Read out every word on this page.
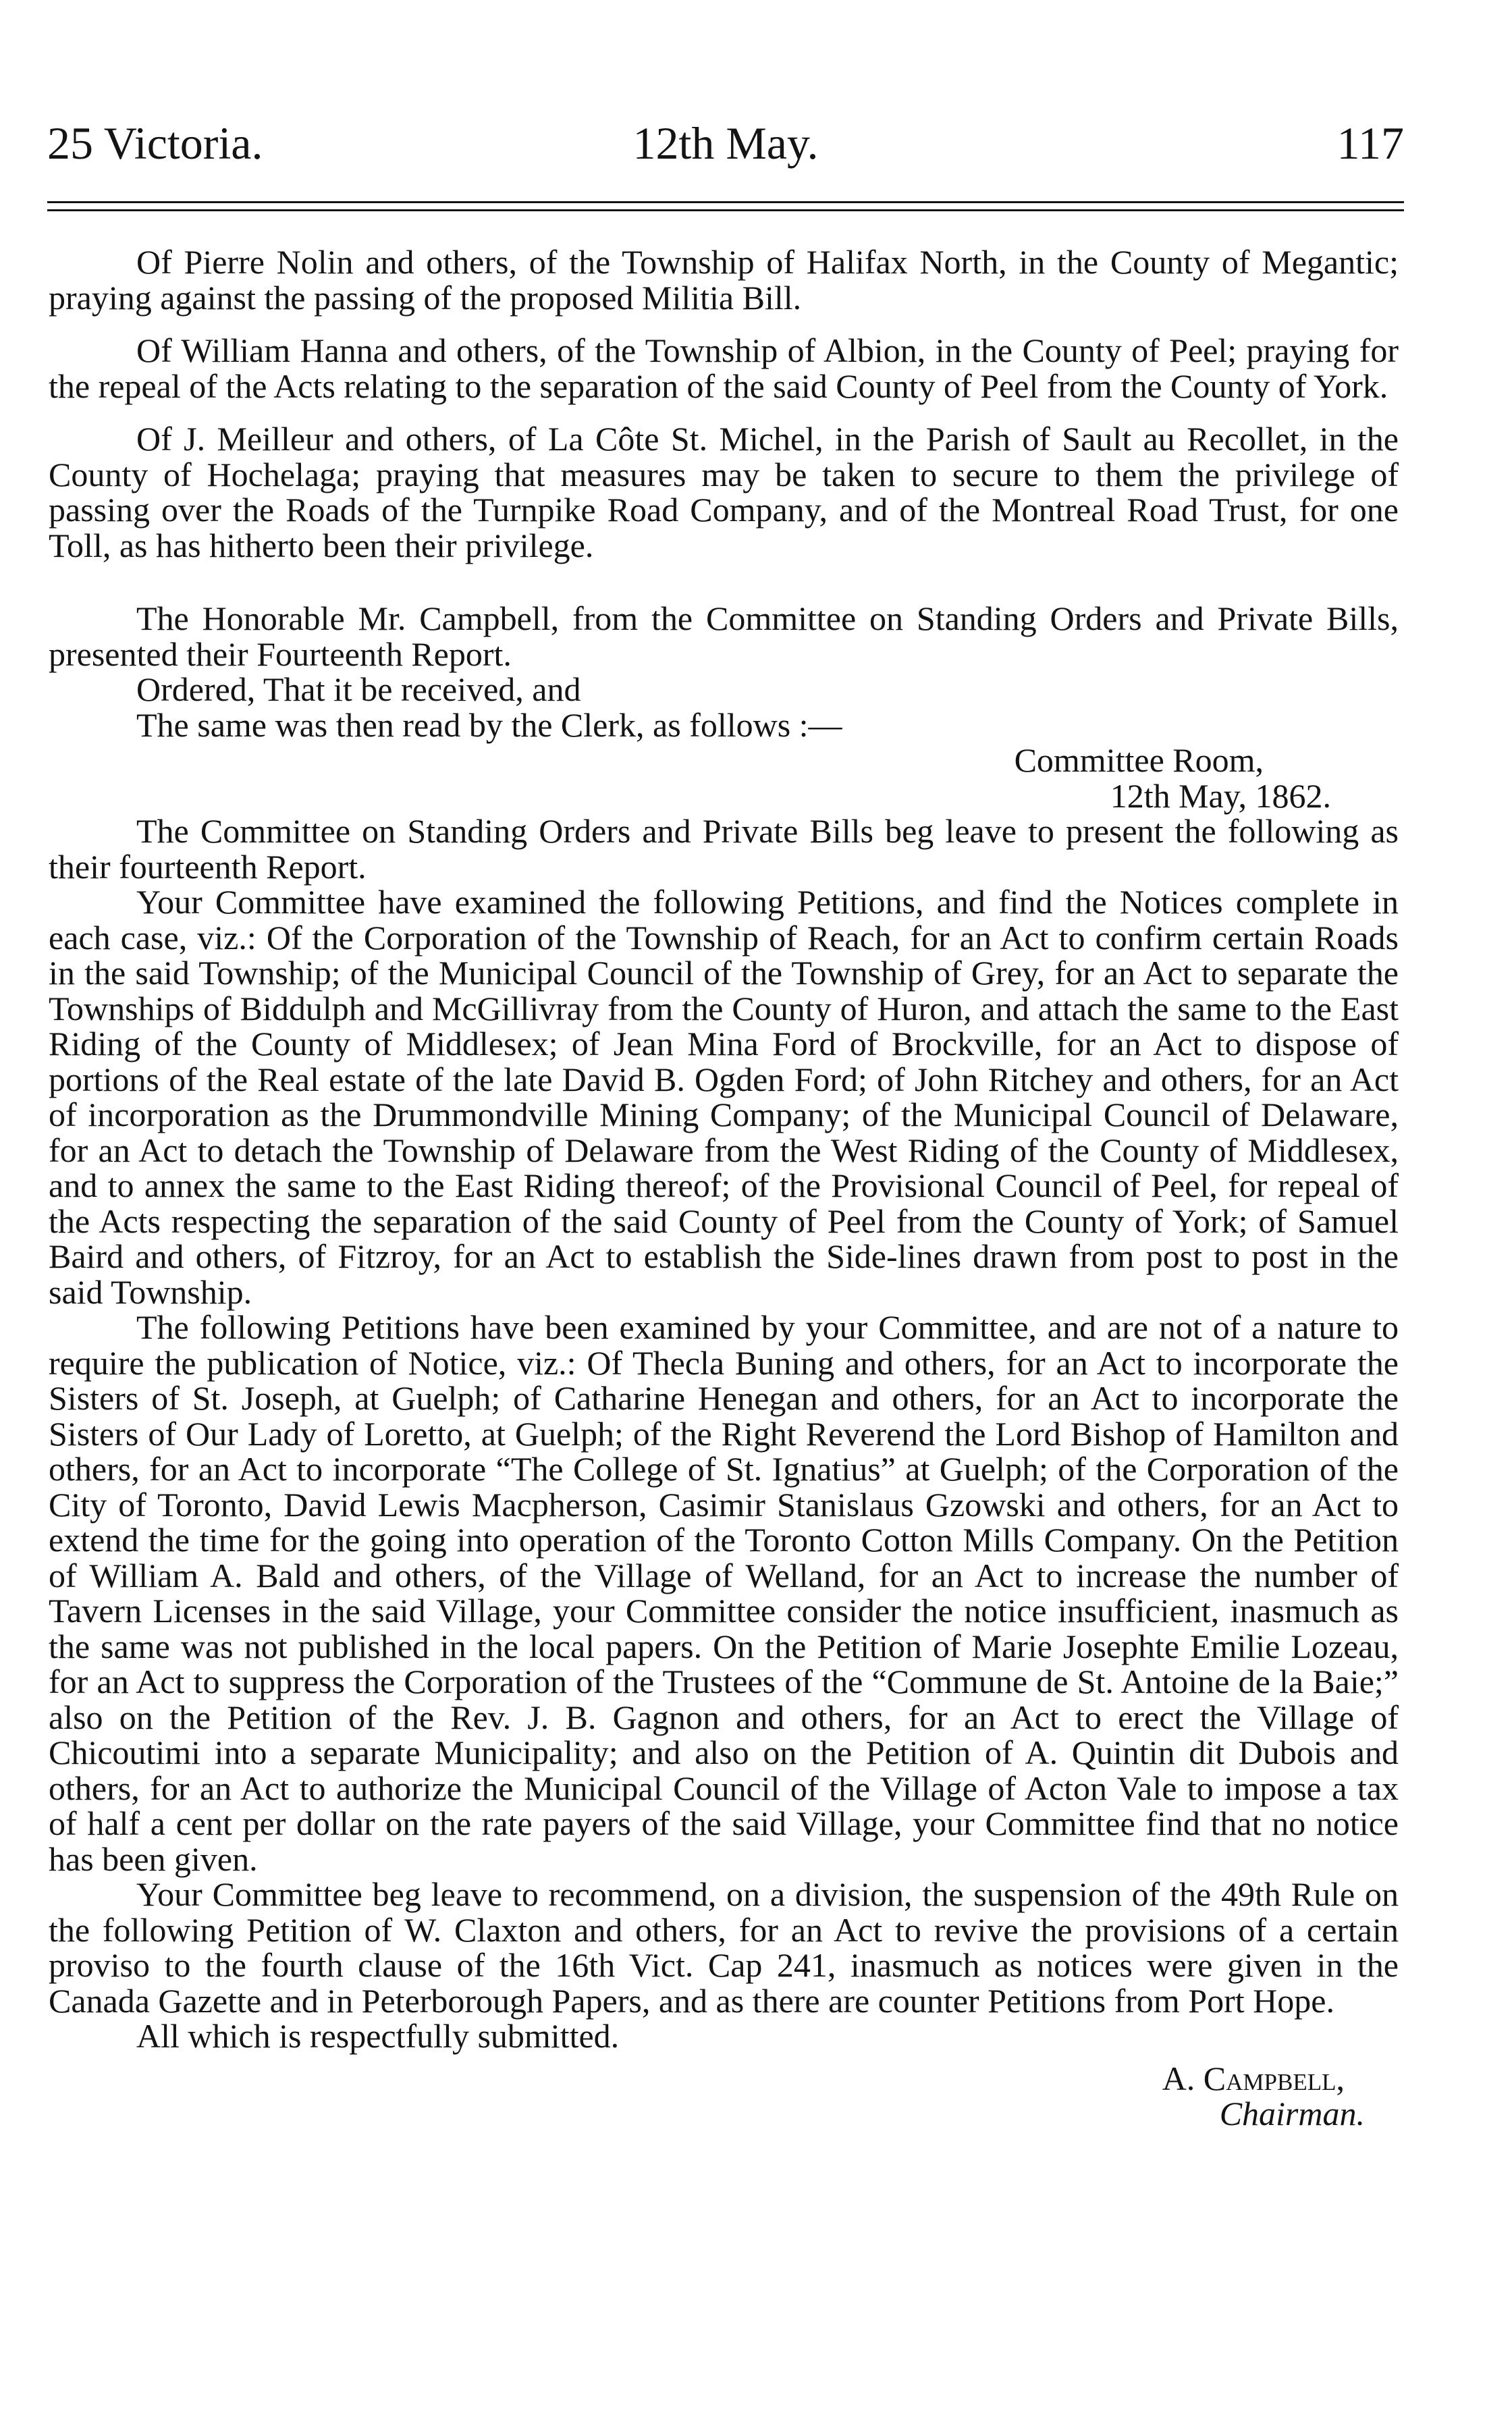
25 Victoria.	12th May.	117

Of Pierre Nolin and others, of the Township of Halifax North, in the County of Megantic; praying against the passing of the proposed Militia Bill.

Of William Hanna and others, of the Township of Albion, in the County of Peel; praying for the repeal of the Acts relating to the separation of the said County of Peel from the County of York.

Of J. Meilleur and others, of La Côte St. Michel, in the Parish of Sault au Recollet, in the County of Hochelaga; praying that measures may be taken to secure to them the privilege of passing over the Roads of the Turnpike Road Company, and of the Montreal Road Trust, for one Toll, as has hitherto been their privilege.

The Honorable Mr. Campbell, from the Committee on Standing Orders and Private Bills, presented their Fourteenth Report.

Ordered, That it be received, and

The same was then read by the Clerk, as follows :—

Committee Room,

12th May, 1862.

The Committee on Standing Orders and Private Bills beg leave to present the following as their fourteenth Report.

Your Committee have examined the following Petitions, and find the Notices complete in each case, viz.: Of the Corporation of the Township of Reach, for an Act to confirm certain Roads in the said Township; of the Municipal Council of the Township of Grey, for an Act to separate the Townships of Biddulph and McGillivray from the County of Huron, and attach the same to the East Riding of the County of Middlesex; of Jean Mina Ford of Brockville, for an Act to dispose of portions of the Real estate of the late David B. Ogden Ford; of John Ritchey and others, for an Act of incorporation as the Drummondville Mining Company; of the Municipal Council of Delaware, for an Act to detach the Township of Delaware from the West Riding of the County of Middlesex, and to annex the same to the East Riding thereof; of the Provisional Council of Peel, for repeal of the Acts respecting the separation of the said County of Peel from the County of York; of Samuel Baird and others, of Fitzroy, for an Act to establish the Side-lines drawn from post to post in the said Township.

The following Petitions have been examined by your Committee, and are not of a nature to require the publication of Notice, viz.: Of Thecla Buning and others, for an Act to incorporate the Sisters of St. Joseph, at Guelph; of Catharine Henegan and others, for an Act to incorporate the Sisters of Our Lady of Loretto, at Guelph; of the Right Reverend the Lord Bishop of Hamilton and others, for an Act to incorporate “The College of St. Ignatius” at Guelph; of the Corporation of the City of Toronto, David Lewis Macpherson, Casimir Stanislaus Gzowski and others, for an Act to extend the time for the going into operation of the Toronto Cotton Mills Company. On the Petition of William A. Bald and others, of the Village of Welland, for an Act to increase the number of Tavern Licenses in the said Village, your Committee consider the notice insufficient, inasmuch as the same was not published in the local papers. On the Petition of Marie Josephte Emilie Lozeau, for an Act to suppress the Corporation of the Trustees of the “Commune de St. Antoine de la Baie;” also on the Petition of the Rev. J. B. Gagnon and others, for an Act to erect the Village of Chicoutimi into a separate Municipality; and also on the Petition of A. Quintin dit Dubois and others, for an Act to authorize the Municipal Council of the Village of Acton Vale to impose a tax of half a cent per dollar on the rate payers of the said Village, your Committee find that no notice has been given.

Your Committee beg leave to recommend, on a division, the suspension of the 49th Rule on the following Petition of W. Claxton and others, for an Act to revive the provisions of a certain proviso to the fourth clause of the 16th Vict. Cap 241, inasmuch as notices were given in the Canada Gazette and in Peterborough Papers, and as there are counter Petitions from Port Hope.

All which is respectfully submitted.

A. Campbell,

Chairman.
